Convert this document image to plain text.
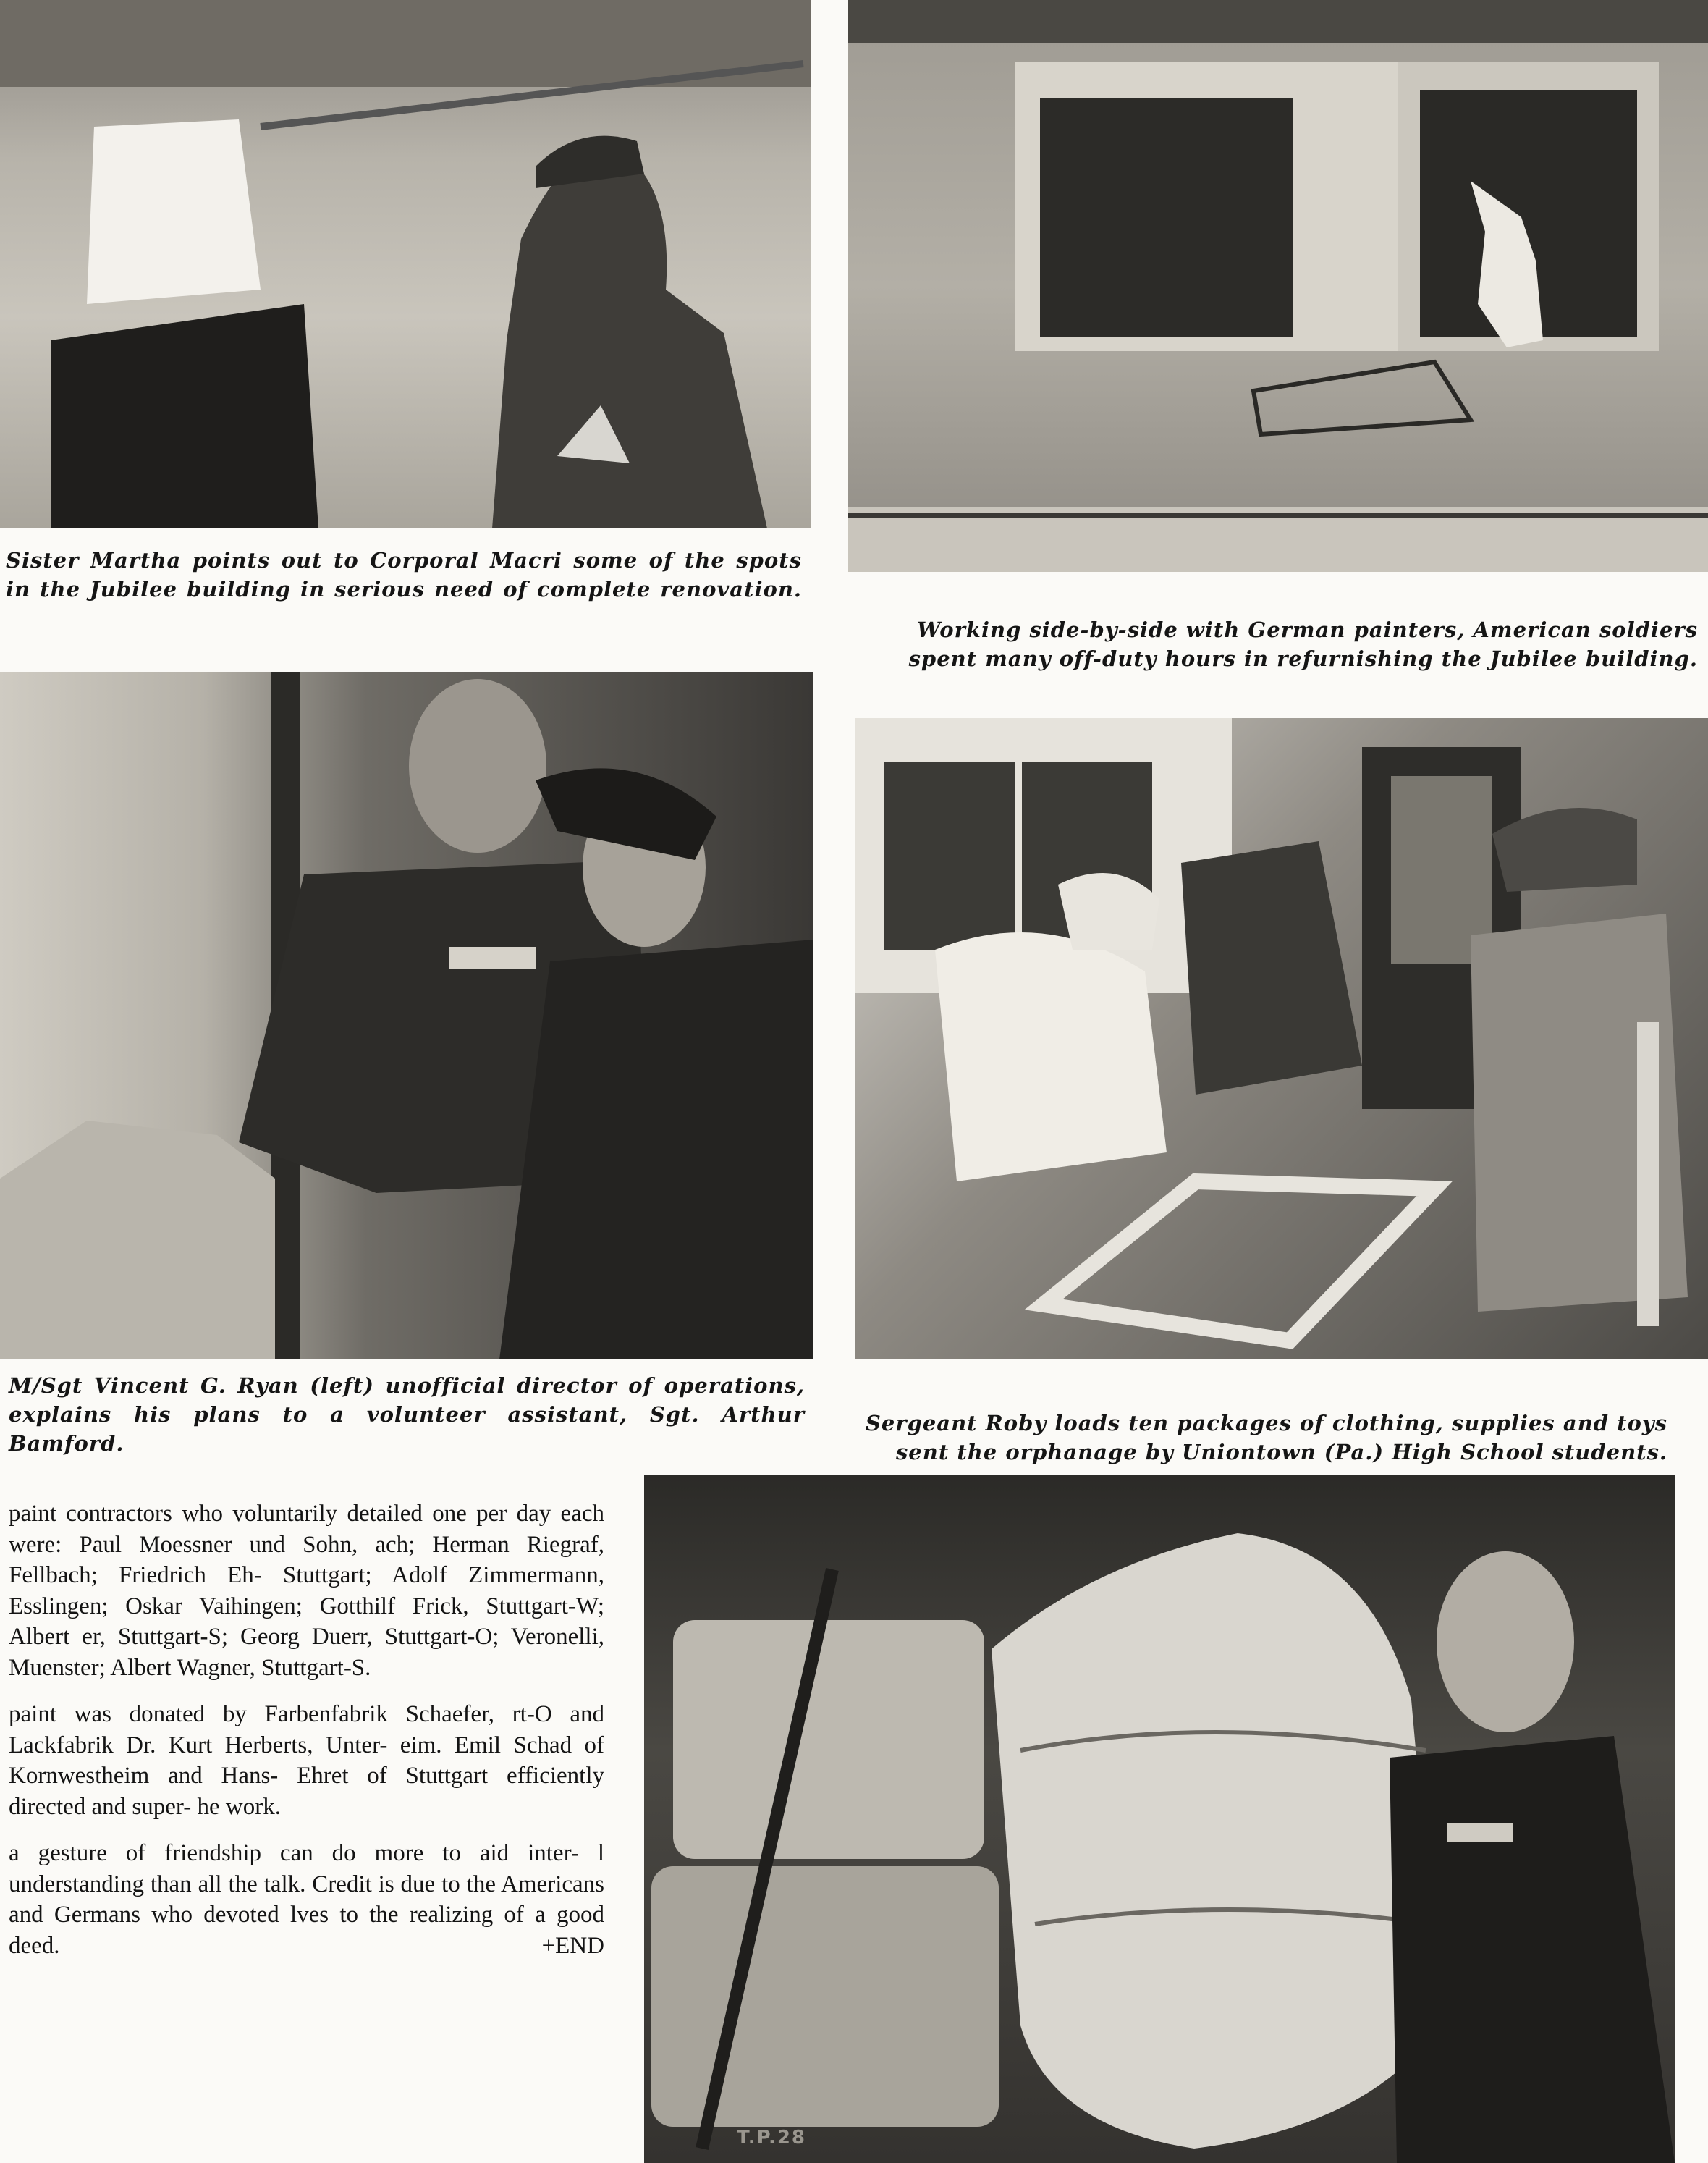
Sister Martha points out to Corporal Macri some of the spots in the Jubilee building in serious need of complete renovation.

Working side-by-side with German painters, American soldiers spent many off-duty hours in refurnishing the Jubilee building.

M/Sgt Vincent G. Ryan (left) unofficial director of operations, explains his plans to a volunteer assistant, Sgt. Arthur Bamford.

Sergeant Roby loads ten packages of clothing, supplies and toys sent the orphanage by Uniontown (Pa.) High School students.

T.P.28

paint contractors who voluntarily detailed one per day each were: Paul Moessner und Sohn, ach; Herman Riegraf, Fellbach; Friedrich Eh- Stuttgart; Adolf Zimmermann, Esslingen; Oskar Vaihingen; Gotthilf Frick, Stuttgart-W; Albert er, Stuttgart-S; Georg Duerr, Stuttgart-O; Veronelli, Muenster; Albert Wagner, Stuttgart-S.

paint was donated by Farbenfabrik Schaefer, rt-O and Lackfabrik Dr. Kurt Herberts, Unter- eim. Emil Schad of Kornwestheim and Hans- Ehret of Stuttgart efficiently directed and super- he work.

a gesture of friendship can do more to aid inter- l understanding than all the talk. Credit is due to the Americans and Germans who devoted lves to the realizing of a good deed.	+END
